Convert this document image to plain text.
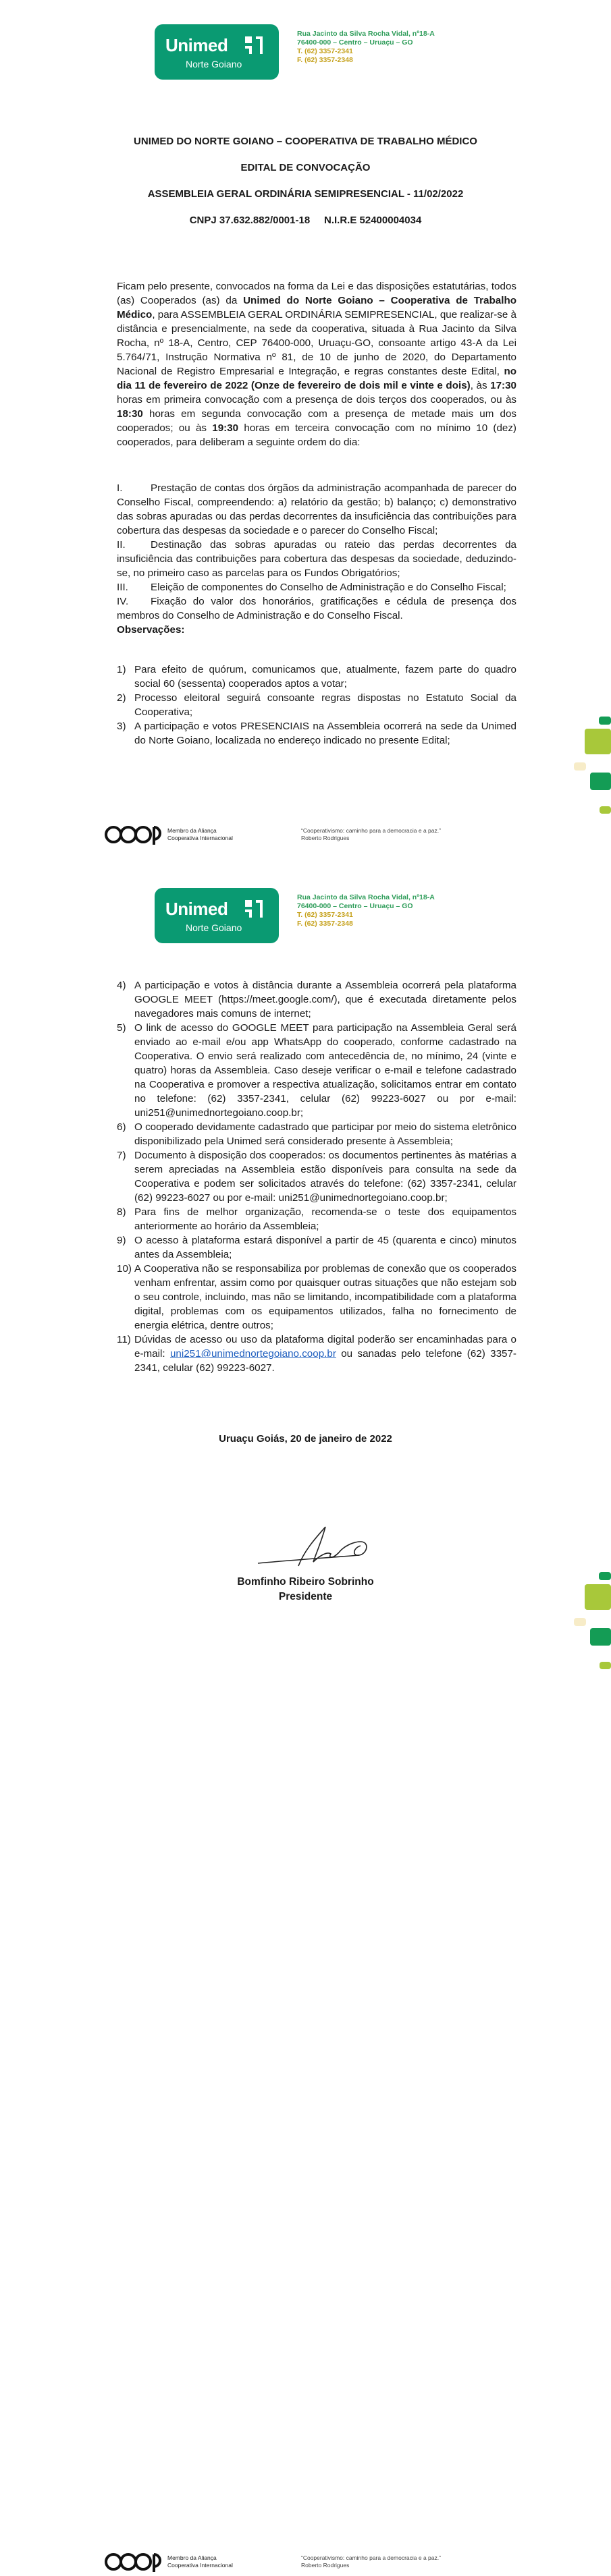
Unimed
Norte Goiano
Rua Jacinto da Silva Rocha Vidal, nº18-A
76400-000 – Centro – Uruaçu – GO
T. (62) 3357-2341
F. (62) 3357-2348
UNIMED DO NORTE GOIANO – COOPERATIVA DE TRABALHO MÉDICO
EDITAL DE CONVOCAÇÃO
ASSEMBLEIA GERAL ORDINÁRIA SEMIPRESENCIAL - 11/02/2022
CNPJ 37.632.882/0001-18     N.I.R.E 52400004034

Ficam pelo presente, convocados na forma da Lei e das disposições estatutárias, todos (as) Cooperados (as) da Unimed do Norte Goiano – Cooperativa de Trabalho Médico, para ASSEMBLEIA GERAL ORDINÁRIA SEMIPRESENCIAL, que realizar-se à distância e presencialmente, na sede da cooperativa, situada à Rua Jacinto da Silva Rocha, nº 18-A, Centro, CEP 76400-000, Uruaçu-GO, consoante artigo 43-A da Lei 5.764/71, Instrução Normativa nº 81, de 10 de junho de 2020, do Departamento Nacional de Registro Empresarial e Integração, e regras constantes deste Edital, no dia 11 de fevereiro de 2022 (Onze de fevereiro de dois mil e vinte e dois), às 17:30 horas em primeira convocação com a presença de dois terços dos cooperados, ou às 18:30 horas em segunda convocação com a presença de metade mais um dos cooperados; ou às 19:30 horas em terceira convocação com no mínimo 10 (dez) cooperados, para deliberam a seguinte ordem do dia:

I.	Prestação de contas dos órgãos da administração acompanhada de parecer do Conselho Fiscal, compreendendo: a) relatório da gestão; b) balanço; c) demonstrativo das sobras apuradas ou das perdas decorrentes da insuficiência das contribuições para cobertura das despesas da sociedade e o parecer do Conselho Fiscal;
II. Destinação das sobras apuradas ou rateio das perdas decorrentes da insuficiência das contribuições para cobertura das despesas da sociedade, deduzindo-se, no primeiro caso as parcelas para os Fundos Obrigatórios;
III. Eleição de componentes do Conselho de Administração e do Conselho Fiscal;
IV. Fixação do valor dos honorários, gratificações e cédula de presença dos membros do Conselho de Administração e do Conselho Fiscal.
Observações:
1) Para efeito de quórum, comunicamos que, atualmente, fazem parte do quadro social 60 (sessenta) cooperados aptos a votar;
2) Processo eleitoral seguirá consoante regras dispostas no Estatuto Social da Cooperativa;
3) A participação e votos PRESENCIAIS na Assembleia ocorrerá na sede da Unimed do Norte Goiano, localizada no endereço indicado no presente Edital;
Membro da Aliança
Cooperativa Internacional
“Cooperativismo: caminho para a democracia e a paz.”
Roberto Rodrigues
Unimed
Norte Goiano
Rua Jacinto da Silva Rocha Vidal, nº18-A
76400-000 – Centro – Uruaçu – GO
T. (62) 3357-2341
F. (62) 3357-2348
Membro da Aliança
Cooperativa Internacional
“Cooperativismo: caminho para a democracia e a paz.”
Roberto Rodrigues
4) A participação e votos à distância durante a Assembleia ocorrerá pela plataforma GOOGLE MEET (https://meet.google.com/), que é executada diretamente pelos navegadores mais comuns de internet;
5) O link de acesso do GOOGLE MEET para participação na Assembleia Geral será enviado ao e-mail e/ou app WhatsApp do cooperado, conforme cadastrado na Cooperativa. O envio será realizado com antecedência de, no mínimo, 24 (vinte e quatro) horas da Assembleia. Caso deseje verificar o e-mail e telefone cadastrado na Cooperativa e promover a respectiva atualização, solicitamos entrar em contato no telefone: (62) 3357-2341, celular (62) 99223-6027 ou por e-mail: uni251@unimednortegoiano.coop.br;
6) O cooperado devidamente cadastrado que participar por meio do sistema eletrônico disponibilizado pela Unimed será considerado presente à Assembleia;
7) Documento à disposição dos cooperados: os documentos pertinentes às matérias a serem apreciadas na Assembleia estão disponíveis para consulta na sede da Cooperativa e podem ser solicitados através do telefone: (62) 3357-2341, celular (62) 99223-6027 ou por e-mail: uni251@unimednortegoiano.coop.br;
8) Para fins de melhor organização, recomenda-se o teste dos equipamentos anteriormente ao horário da Assembleia;
9) O acesso à plataforma estará disponível a partir de 45 (quarenta e cinco) minutos antes da Assembleia;
10) A Cooperativa não se responsabiliza por problemas de conexão que os cooperados venham enfrentar, assim como por quaisquer outras situações que não estejam sob o seu controle, incluindo, mas não se limitando, incompatibilidade com a plataforma digital, problemas com os equipamentos utilizados, falha no fornecimento de energia elétrica, dentre outros;
11) Dúvidas de acesso ou uso da plataforma digital poderão ser encaminhadas para o e-mail: uni251@unimednortegoiano.coop.br ou sanadas pelo telefone (62) 3357-2341, celular (62) 99223-6027.
Uruaçu Goiás, 20 de janeiro de 2022
Bomfinho Ribeiro Sobrinho
Presidente
